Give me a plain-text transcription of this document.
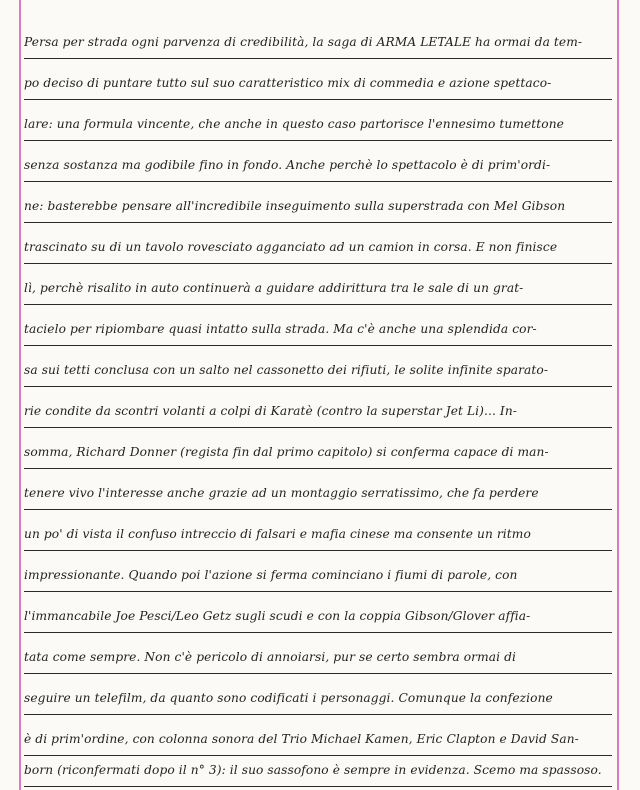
Persa per strada ogni parvenza di credibilità, la saga di ARMA LETALE ha ormai da tem-
po deciso di puntare tutto sul suo caratteristico mix di commedia e azione spettaco-
lare: una formula vincente, che anche in questo caso partorisce l'ennesimo tumettone
senza sostanza ma godibile fino in fondo. Anche perchè lo spettacolo è di prim'ordi-
ne: basterebbe pensare all'incredibile inseguimento sulla superstrada con Mel Gibson
trascinato su di un tavolo rovesciato agganciato ad un camion in corsa. E non finisce
lì, perchè risalito in auto continuerà a guidare addirittura tra le sale di un grat-
tacielo per ripiombare quasi intatto sulla strada. Ma c'è anche una splendida cor-
sa sui tetti conclusa con un salto nel cassonetto dei rifiuti, le solite infinite sparato-
rie condite da scontri volanti a colpi di Karatè (contro la superstar Jet Li)... In-
somma, Richard Donner (regista fin dal primo capitolo) si conferma capace di man-
tenere vivo l'interesse anche grazie ad un montaggio serratissimo, che fa perdere
un po' di vista il confuso intreccio di falsari e mafia cinese ma consente un ritmo
impressionante. Quando poi l'azione si ferma cominciano i fiumi di parole, con
l'immancabile Joe Pesci/Leo Getz sugli scudi e con la coppia Gibson/Glover affia-
tata come sempre. Non c'è pericolo di annoiarsi, pur se certo sembra ormai di
seguire un telefilm, da quanto sono codificati i personaggi. Comunque la confezione
è di prim'ordine, con colonna sonora del Trio Michael Kamen, Eric Clapton e David San-
born (riconfermati dopo il n° 3): il suo sassofono è sempre in evidenza. Scemo ma spassoso.
